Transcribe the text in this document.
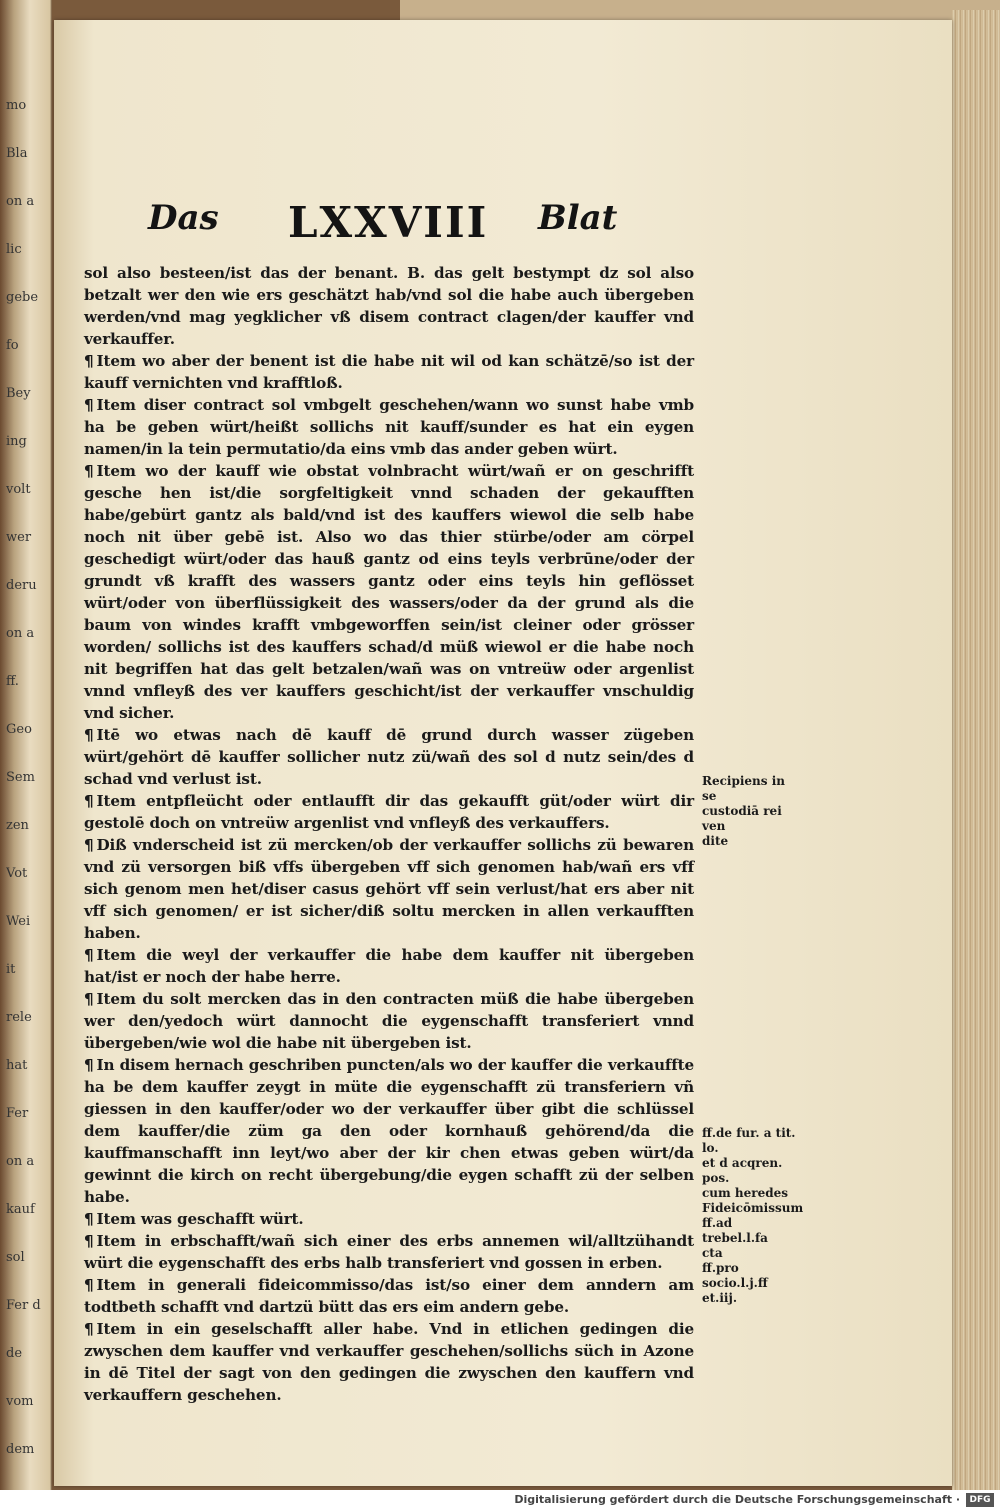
mo
Bla
on a
lic
gebe
fo
Bey
ing
volt
wer
deru
on a
ff.
Geo
Sem
zen
Vot
Wei
it
rele
hat
Fer
on a
kauf
sol
Fer d
de
vom
dem
Das LXXVIII Blat

sol also besteen/ist das der benant. B. das gelt bestympt dz sol also betzalt wer den wie ers geschätzt hab/vnd sol die habe auch übergeben werden/vnd mag yegklicher vß disem contract clagen/der kauffer vnd verkauffer.

¶ Item wo aber der benent ist die habe nit wil od kan schätzē/so ist der kauff vernichten vnd krafftloß.

¶ Item diser contract sol vmbgelt geschehen/wann wo sunst habe vmb ha be geben würt/heißt sollichs nit kauff/sunder es hat ein eygen namen/in la tein permutatio/da eins vmb das ander geben würt.

¶ Item wo der kauff wie obstat volnbracht würt/wañ er on geschrifft gesche hen ist/die sorgfeltigkeit vnnd schaden der gekaufften habe/gebürt gantz als bald/vnd ist des kauffers wiewol die selb habe noch nit über gebē ist. Also wo das thier stürbe/oder am cörpel geschedigt würt/oder das hauß gantz od eins teyls verbrūne/oder der grundt vß krafft des wassers gantz oder eins teyls hin geflösset würt/oder von überflüssigkeit des wassers/oder da der grund als die baum von windes krafft vmbgeworffen sein/ist cleiner oder grösser worden/ sollichs ist des kauffers schad/d müß wiewol er die habe noch nit begriffen hat das gelt betzalen/wañ was on vntreüw oder argenlist vnnd vnfleyß des ver kauffers geschicht/ist der verkauffer vnschuldig vnd sicher.

¶ Itē wo etwas nach dē kauff dē grund durch wasser zügeben würt/gehört dē kauffer sollicher nutz zü/wañ des sol d nutz sein/des d schad vnd verlust ist.

¶ Item entpfleücht oder entlaufft dir das gekaufft güt/oder würt dir gestolē doch on vntreüw argenlist vnd vnfleyß des verkauffers.

¶ Diß vnderscheid ist zü mercken/ob der verkauffer sollichs zü bewaren vnd zü versorgen biß vffs übergeben vff sich genomen hab/wañ ers vff sich genom men het/diser casus gehört vff sein verlust/hat ers aber nit vff sich genomen/ er ist sicher/diß soltu mercken in allen verkaufften haben.

¶ Item die weyl der verkauffer die habe dem kauffer nit übergeben hat/ist er noch der habe herre.

¶ Item du solt mercken das in den contracten müß die habe übergeben wer den/yedoch würt dannocht die eygenschafft transferiert vnnd übergeben/wie wol die habe nit übergeben ist.

¶ In disem hernach geschriben puncten/als wo der kauffer die verkauffte ha be dem kauffer zeygt in müte die eygenschafft zü transferiern vñ giessen in den kauffer/oder wo der verkauffer über gibt die schlüssel dem kauffer/die züm ga den oder kornhauß gehörend/da die kauffmanschafft inn leyt/wo aber der kir chen etwas geben würt/da gewinnt die kirch on recht übergebung/die eygen schafft zü der selben habe.

¶ Item was geschafft würt.

¶ Item in erbschafft/wañ sich einer des erbs annemen wil/alltzühandt würt die eygenschafft des erbs halb transferiert vnd gossen in erben.

¶ Item in generali fideicommisso/das ist/so einer dem anndern am todtbeth schafft vnd dartzü bütt das ers eim andern gebe.

¶ Item in ein geselschafft aller habe. Vnd in etlichen gedingen die zwyschen dem kauffer vnd verkauffer geschehen/sollichs süch in Azone in dē Titel der sagt von den gedingen die zwyschen den kauffern vnd verkauffern geschehen.

Recipiens in se
custodiā rei ven
dite
ff.de fur. a tit. lo.
et d acqren. pos.
cum heredes
Fideicōmissum
ff.ad trebel.l.fa
cta
ff.pro socio.l.j.ff
et.iij.
Digitalisierung gefördert durch die Deutsche Forschungsgemeinschaft ·	DFG
